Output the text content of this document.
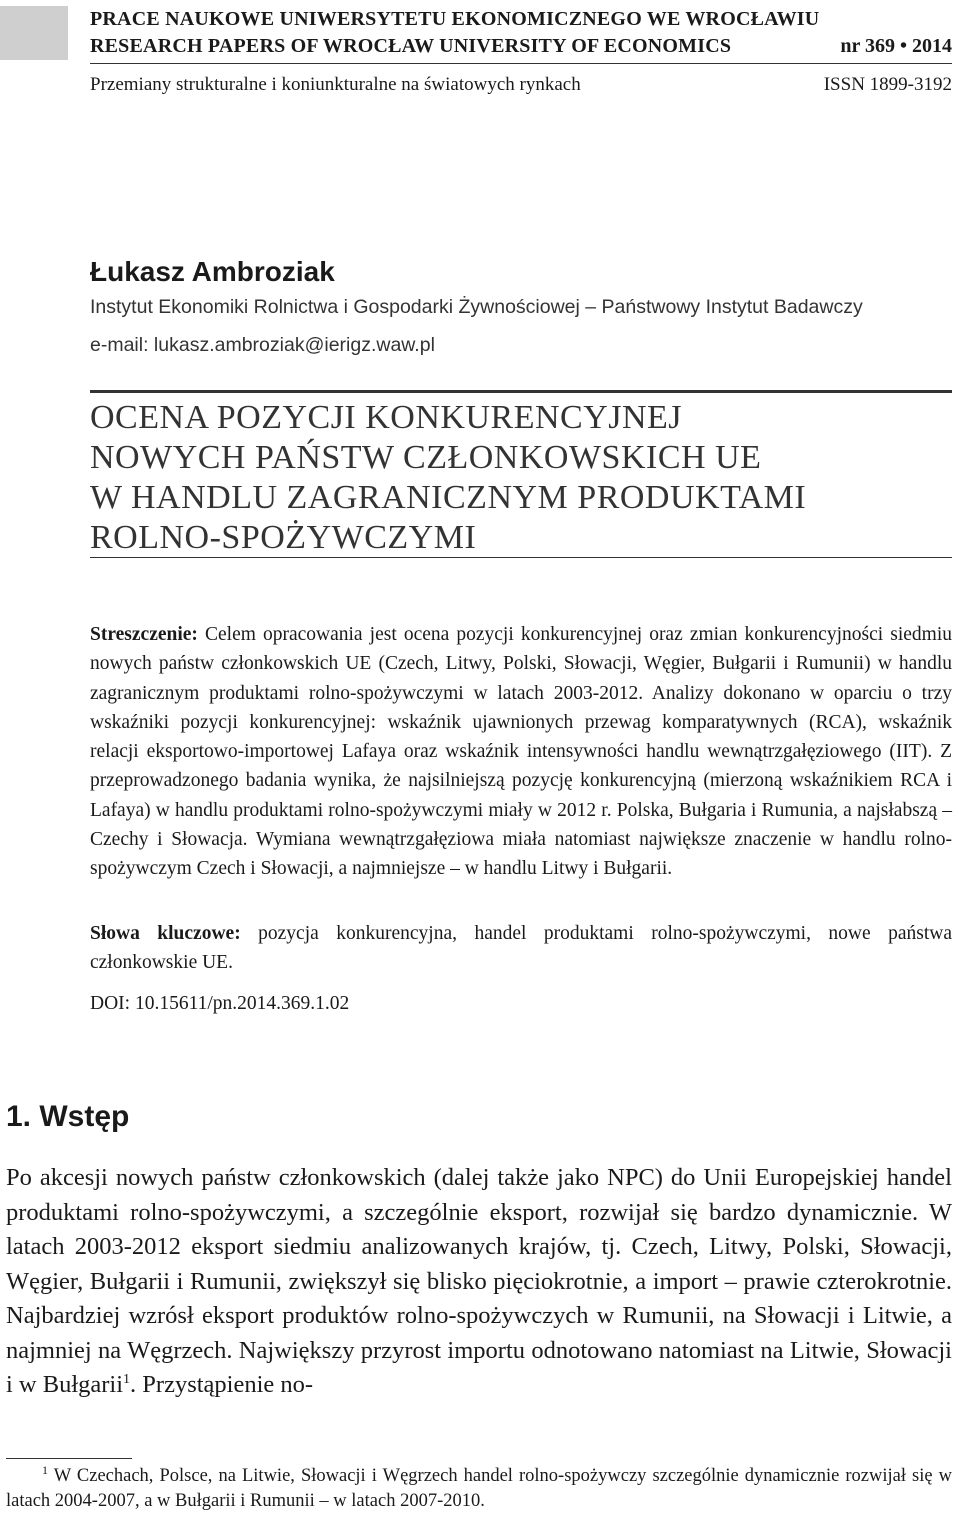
PRACE NAUKOWE UNIWERSYTETU EKONOMICZNEGO WE WROCŁAWIU
RESEARCH PAPERS OF WROCŁAW UNIVERSITY OF ECONOMICS	nr 369 • 2014
Przemiany strukturalne i koniunkturalne na światowych rynkach	ISSN 1899-3192
Łukasz Ambroziak
Instytut Ekonomiki Rolnictwa i Gospodarki Żywnościowej – Państwowy Instytut Badawczy
e-mail: lukasz.ambroziak@ierigz.waw.pl
OCENA POZYCJI KONKURENCYJNEJ
NOWYCH PAŃSTW CZŁONKOWSKICH UE
W HANDLU ZAGRANICZNYM PRODUKTAMI
ROLNO-SPOŻYWCZYMI
Streszczenie: Celem opracowania jest ocena pozycji konkurencyjnej oraz zmian konkurencyjności siedmiu nowych państw członkowskich UE (Czech, Litwy, Polski, Słowacji, Węgier, Bułgarii i Rumunii) w handlu zagranicznym produktami rolno-spożywczymi w latach 2003-2012. Analizy dokonano w oparciu o trzy wskaźniki pozycji konkurencyjnej: wskaźnik ujawnionych przewag komparatywnych (RCA), wskaźnik relacji eksportowo-importowej Lafaya oraz wskaźnik intensywności handlu wewnątrzgałęziowego (IIT). Z przeprowadzonego badania wynika, że najsilniejszą pozycję konkurencyjną (mierzoną wskaźnikiem RCA i Lafaya) w handlu produktami rolno-spożywczymi miały w 2012 r. Polska, Bułgaria i Rumunia, a najsłabszą – Czechy i Słowacja. Wymiana wewnątrzgałęziowa miała natomiast największe znaczenie w handlu rolno-spożywczym Czech i Słowacji, a najmniejsze – w handlu Litwy i Bułgarii.
Słowa kluczowe: pozycja konkurencyjna, handel produktami rolno-spożywczymi, nowe państwa członkowskie UE.
DOI: 10.15611/pn.2014.369.1.02
1. Wstęp
Po akcesji nowych państw członkowskich (dalej także jako NPC) do Unii Europejskiej handel produktami rolno-spożywczymi, a szczególnie eksport, rozwijał się bardzo dynamicznie. W latach 2003-2012 eksport siedmiu analizowanych krajów, tj. Czech, Litwy, Polski, Słowacji, Węgier, Bułgarii i Rumunii, zwiększył się blisko pięciokrotnie, a import – prawie czterokrotnie. Najbardziej wzrósł eksport produktów rolno-spożywczych w Rumunii, na Słowacji i Litwie, a najmniej na Węgrzech. Największy przyrost importu odnotowano natomiast na Litwie, Słowacji i w Bułgarii$^1$. Przystąpienie no-
$^1$ W Czechach, Polsce, na Litwie, Słowacji i Węgrzech handel rolno-spożywczy szczególnie dynamicznie rozwijał się w latach 2004-2007, a w Bułgarii i Rumunii – w latach 2007-2010.
